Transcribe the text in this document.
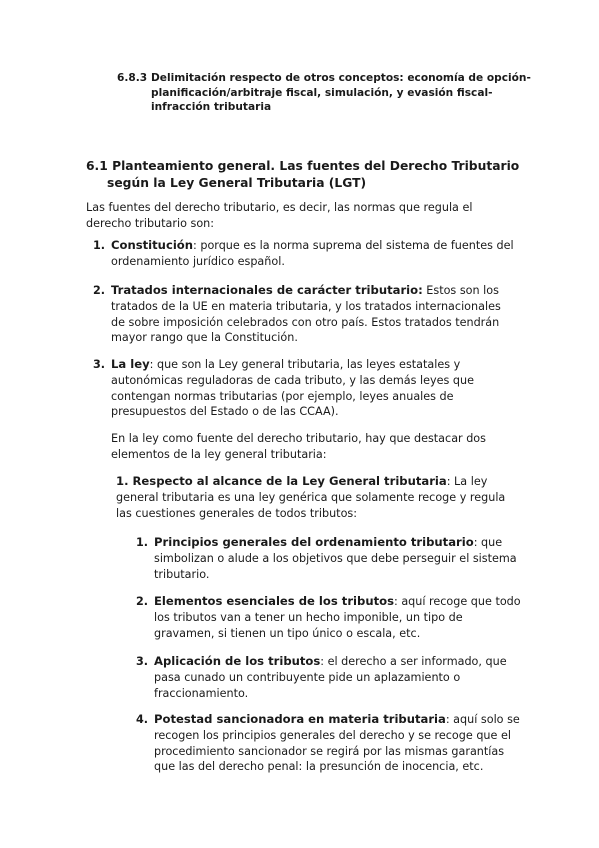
6.8.3 Delimitación respecto de otros conceptos: economía de opción-
planificación/arbitraje fiscal, simulación, y evasión fiscal-
infracción tributaria
6.1 Planteamiento general. Las fuentes del Derecho Tributario
según la Ley General Tributaria (LGT)
Las fuentes del derecho tributario, es decir, las normas que regula el
derecho tributario son:
1. Constitución: porque es la norma suprema del sistema de fuentes del
ordenamiento jurídico español.
2. Tratados internacionales de carácter tributario: Estos son los
tratados de la UE en materia tributaria, y los tratados internacionales
de sobre imposición celebrados con otro país. Estos tratados tendrán
mayor rango que la Constitución.
3. La ley: que son la Ley general tributaria, las leyes estatales y
autonómicas reguladoras de cada tributo, y las demás leyes que
contengan normas tributarias (por ejemplo, leyes anuales de
presupuestos del Estado o de las CCAA).
En la ley como fuente del derecho tributario, hay que destacar dos
elementos de la ley general tributaria:
1. Respecto al alcance de la Ley General tributaria: La ley
general tributaria es una ley genérica que solamente recoge y regula
las cuestiones generales de todos tributos:
1. Principios generales del ordenamiento tributario: que
simbolizan o alude a los objetivos que debe perseguir el sistema
tributario.
2. Elementos esenciales de los tributos: aquí recoge que todo
los tributos van a tener un hecho imponible, un tipo de
gravamen, si tienen un tipo único o escala, etc.
3. Aplicación de los tributos: el derecho a ser informado, que
pasa cunado un contribuyente pide un aplazamiento o
fraccionamiento.
4. Potestad sancionadora en materia tributaria: aquí solo se
recogen los principios generales del derecho y se recoge que el
procedimiento sancionador se regirá por las mismas garantías
que las del derecho penal: la presunción de inocencia, etc.
